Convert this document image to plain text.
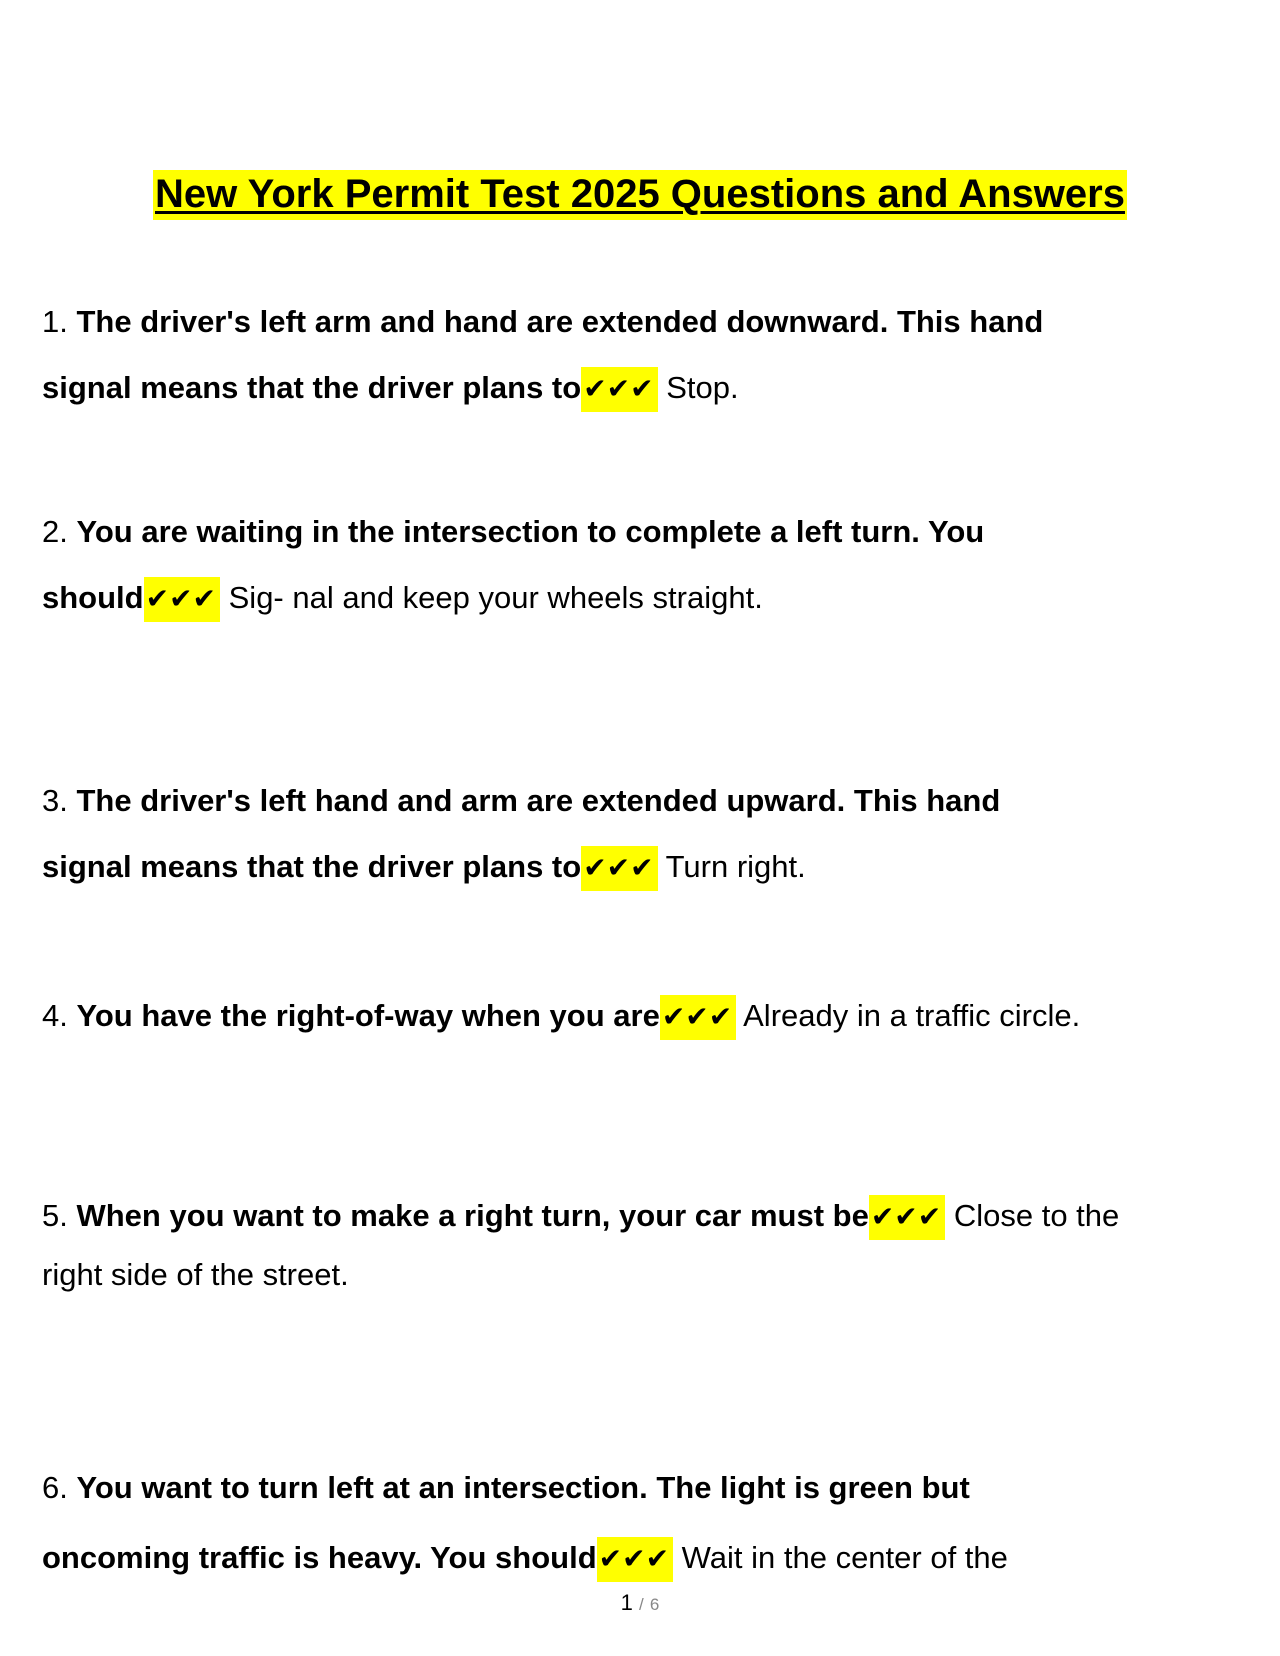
New York Permit Test 2025 Questions and Answers
1. The driver's left arm and hand are extended downward. This hand
signal means that the driver plans to✔✔✔ Stop.
2. You are waiting in the intersection to complete a left turn. You
should✔✔✔ Sig- nal and keep your wheels straight.
3. The driver's left hand and arm are extended upward. This hand
signal means that the driver plans to✔✔✔ Turn right.
4. You have the right-of-way when you are✔✔✔ Already in a traffic circle.
5. When you want to make a right turn, your car must be✔✔✔ Close to the
right side of the street.
6. You want to turn left at an intersection. The light is green but
oncoming traffic is heavy. You should✔✔✔ Wait in the center of the
1 / 6
